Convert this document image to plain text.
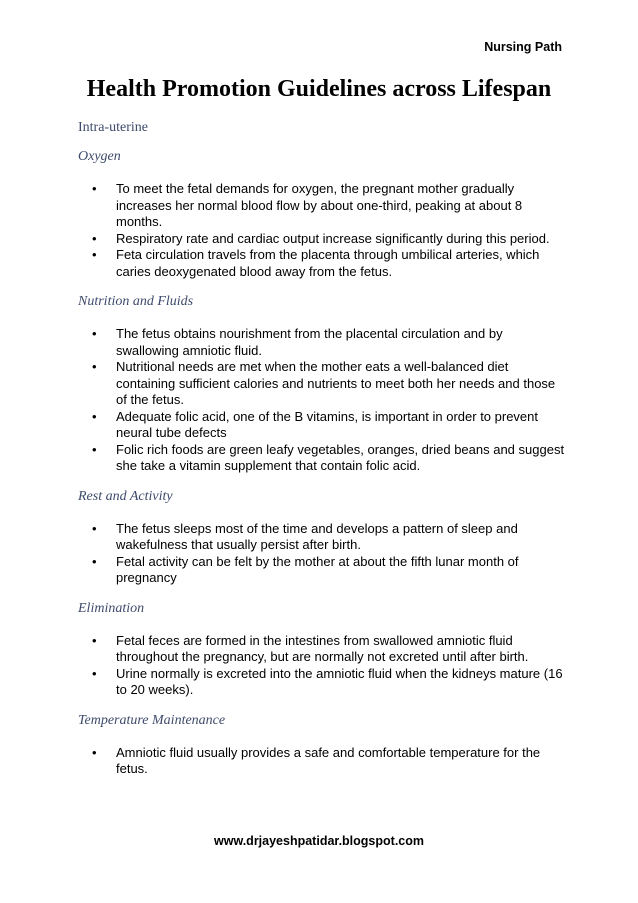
Nursing Path
Health Promotion Guidelines across Lifespan

Intra-uterine

Oxygen

• To meet the fetal demands for oxygen, the pregnant mother gradually increases her normal blood flow by about one-third, peaking at about 8 months.
• Respiratory rate and cardiac output increase significantly during this period.
• Feta circulation travels from the placenta through umbilical arteries, which caries deoxygenated blood away from the fetus.

Nutrition and Fluids

• The fetus obtains nourishment from the placental circulation and by swallowing amniotic fluid.
• Nutritional needs are met when the mother eats a well-balanced diet containing sufficient calories and nutrients to meet both her needs and those of the fetus.
• Adequate folic acid, one of the B vitamins, is important in order to prevent neural tube defects
• Folic rich foods are green leafy vegetables, oranges, dried beans and suggest she take a vitamin supplement that contain folic acid.

Rest and Activity

• The fetus sleeps most of the time and develops a pattern of sleep and wakefulness that usually persist after birth.
• Fetal activity can be felt by the mother at about the fifth lunar month of pregnancy

Elimination

• Fetal feces are formed in the intestines from swallowed amniotic fluid throughout the pregnancy, but are normally not excreted until after birth.
• Urine normally is excreted into the amniotic fluid when the kidneys mature (16 to 20 weeks).

Temperature Maintenance

• Amniotic fluid usually provides a safe and comfortable temperature for the fetus.
www.drjayeshpatidar.blogspot.com
